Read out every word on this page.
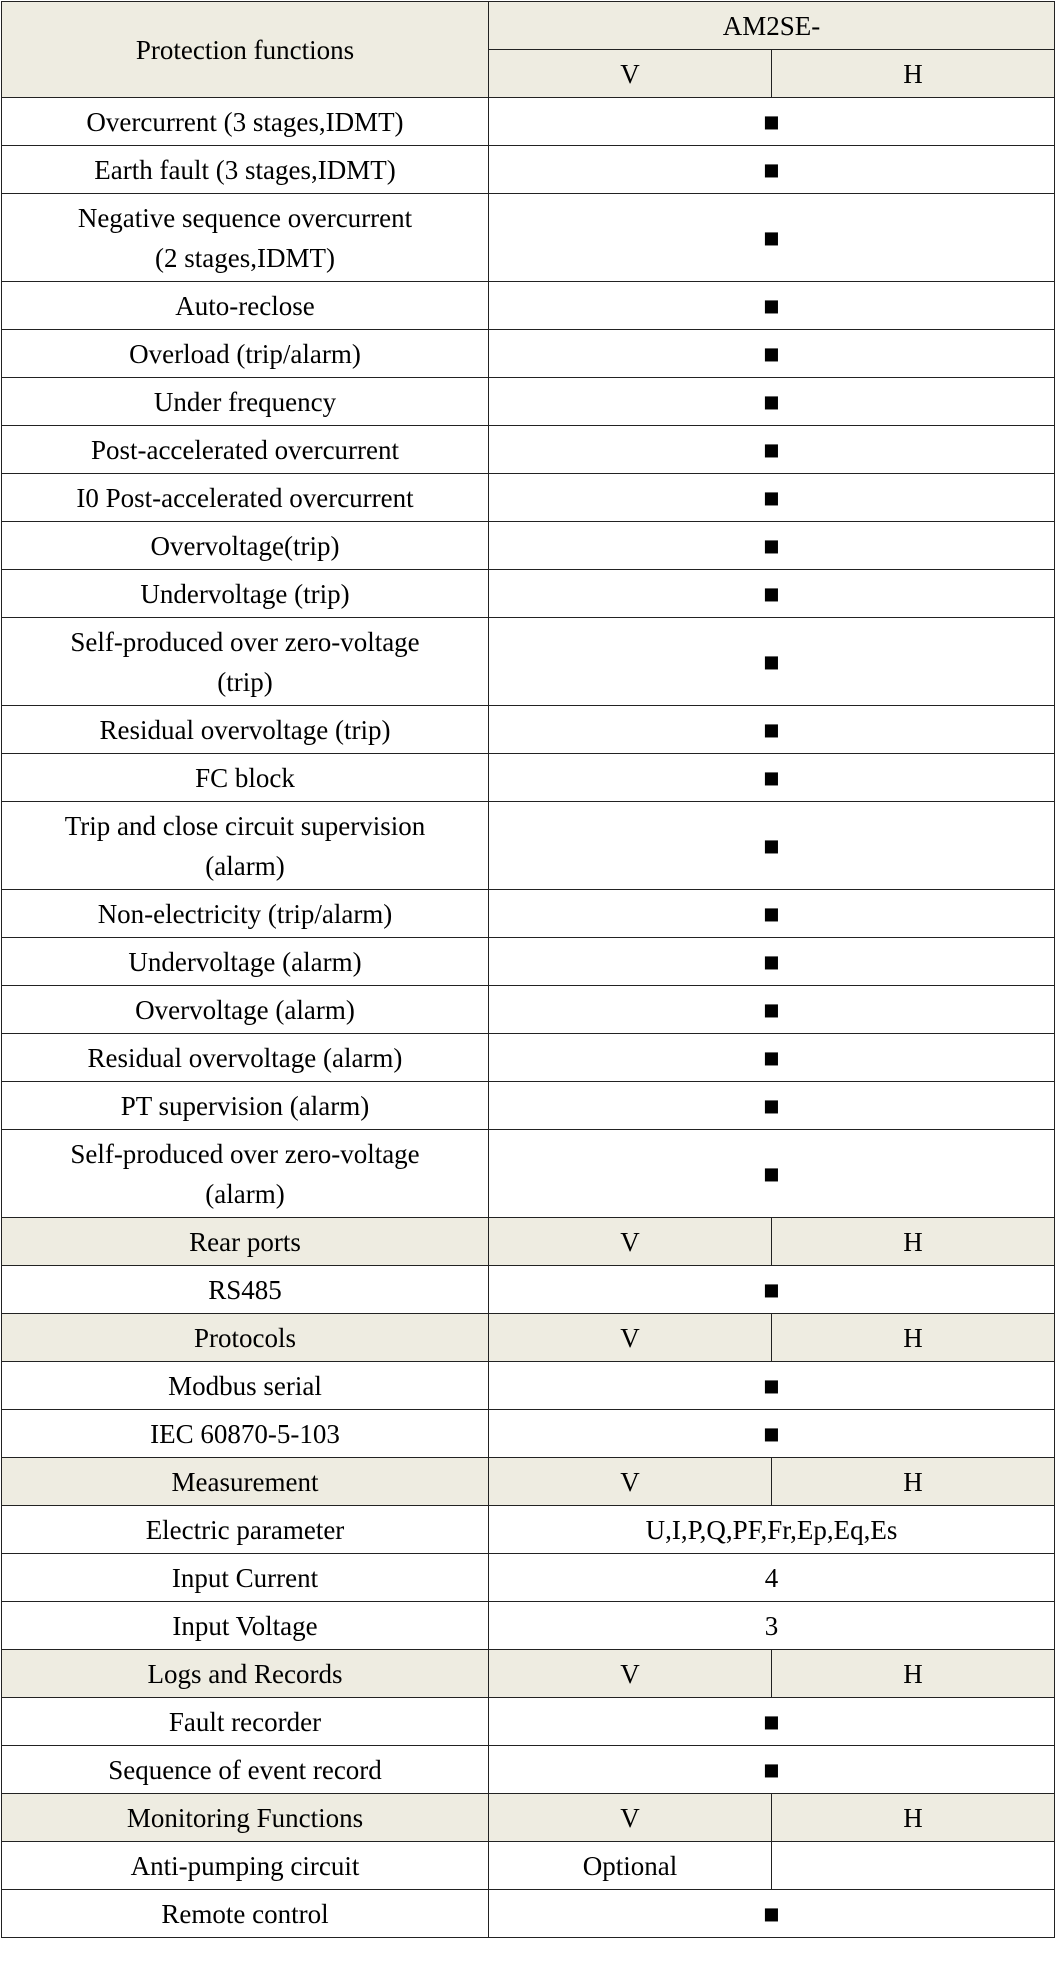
Protection functions	AM2SE-	
	V	H
Overcurrent (3 stages,IDMT)	■	
Earth fault (3 stages,IDMT)	■	
Negative sequence overcurrent
(2 stages,IDMT)	■	
Auto-reclose	■	
Overload (trip/alarm)	■	
Under frequency	■	
Post-accelerated overcurrent	■	
I0 Post-accelerated overcurrent	■	
Overvoltage(trip)	■	
Undervoltage (trip)	■	
Self-produced over zero-voltage
(trip)	■	
Residual overvoltage (trip)	■	
FC block	■	
Trip and close circuit supervision
(alarm)	■	
Non-electricity (trip/alarm)	■	
Undervoltage (alarm)	■	
Overvoltage (alarm)	■	
Residual overvoltage (alarm)	■	
PT supervision (alarm)	■	
Self-produced over zero-voltage
(alarm)	■	
Rear ports	V	H
RS485	■	
Protocols	V	H
Modbus serial	■	
IEC 60870-5-103	■	
Measurement	V	H
Electric parameter	U,I,P,Q,PF,Fr,Ep,Eq,Es	
Input Current	4	
Input Voltage	3	
Logs and Records	V	H
Fault recorder	■	
Sequence of event record	■	
Monitoring Functions	V	H
Anti-pumping circuit	Optional	
Remote control	■	
